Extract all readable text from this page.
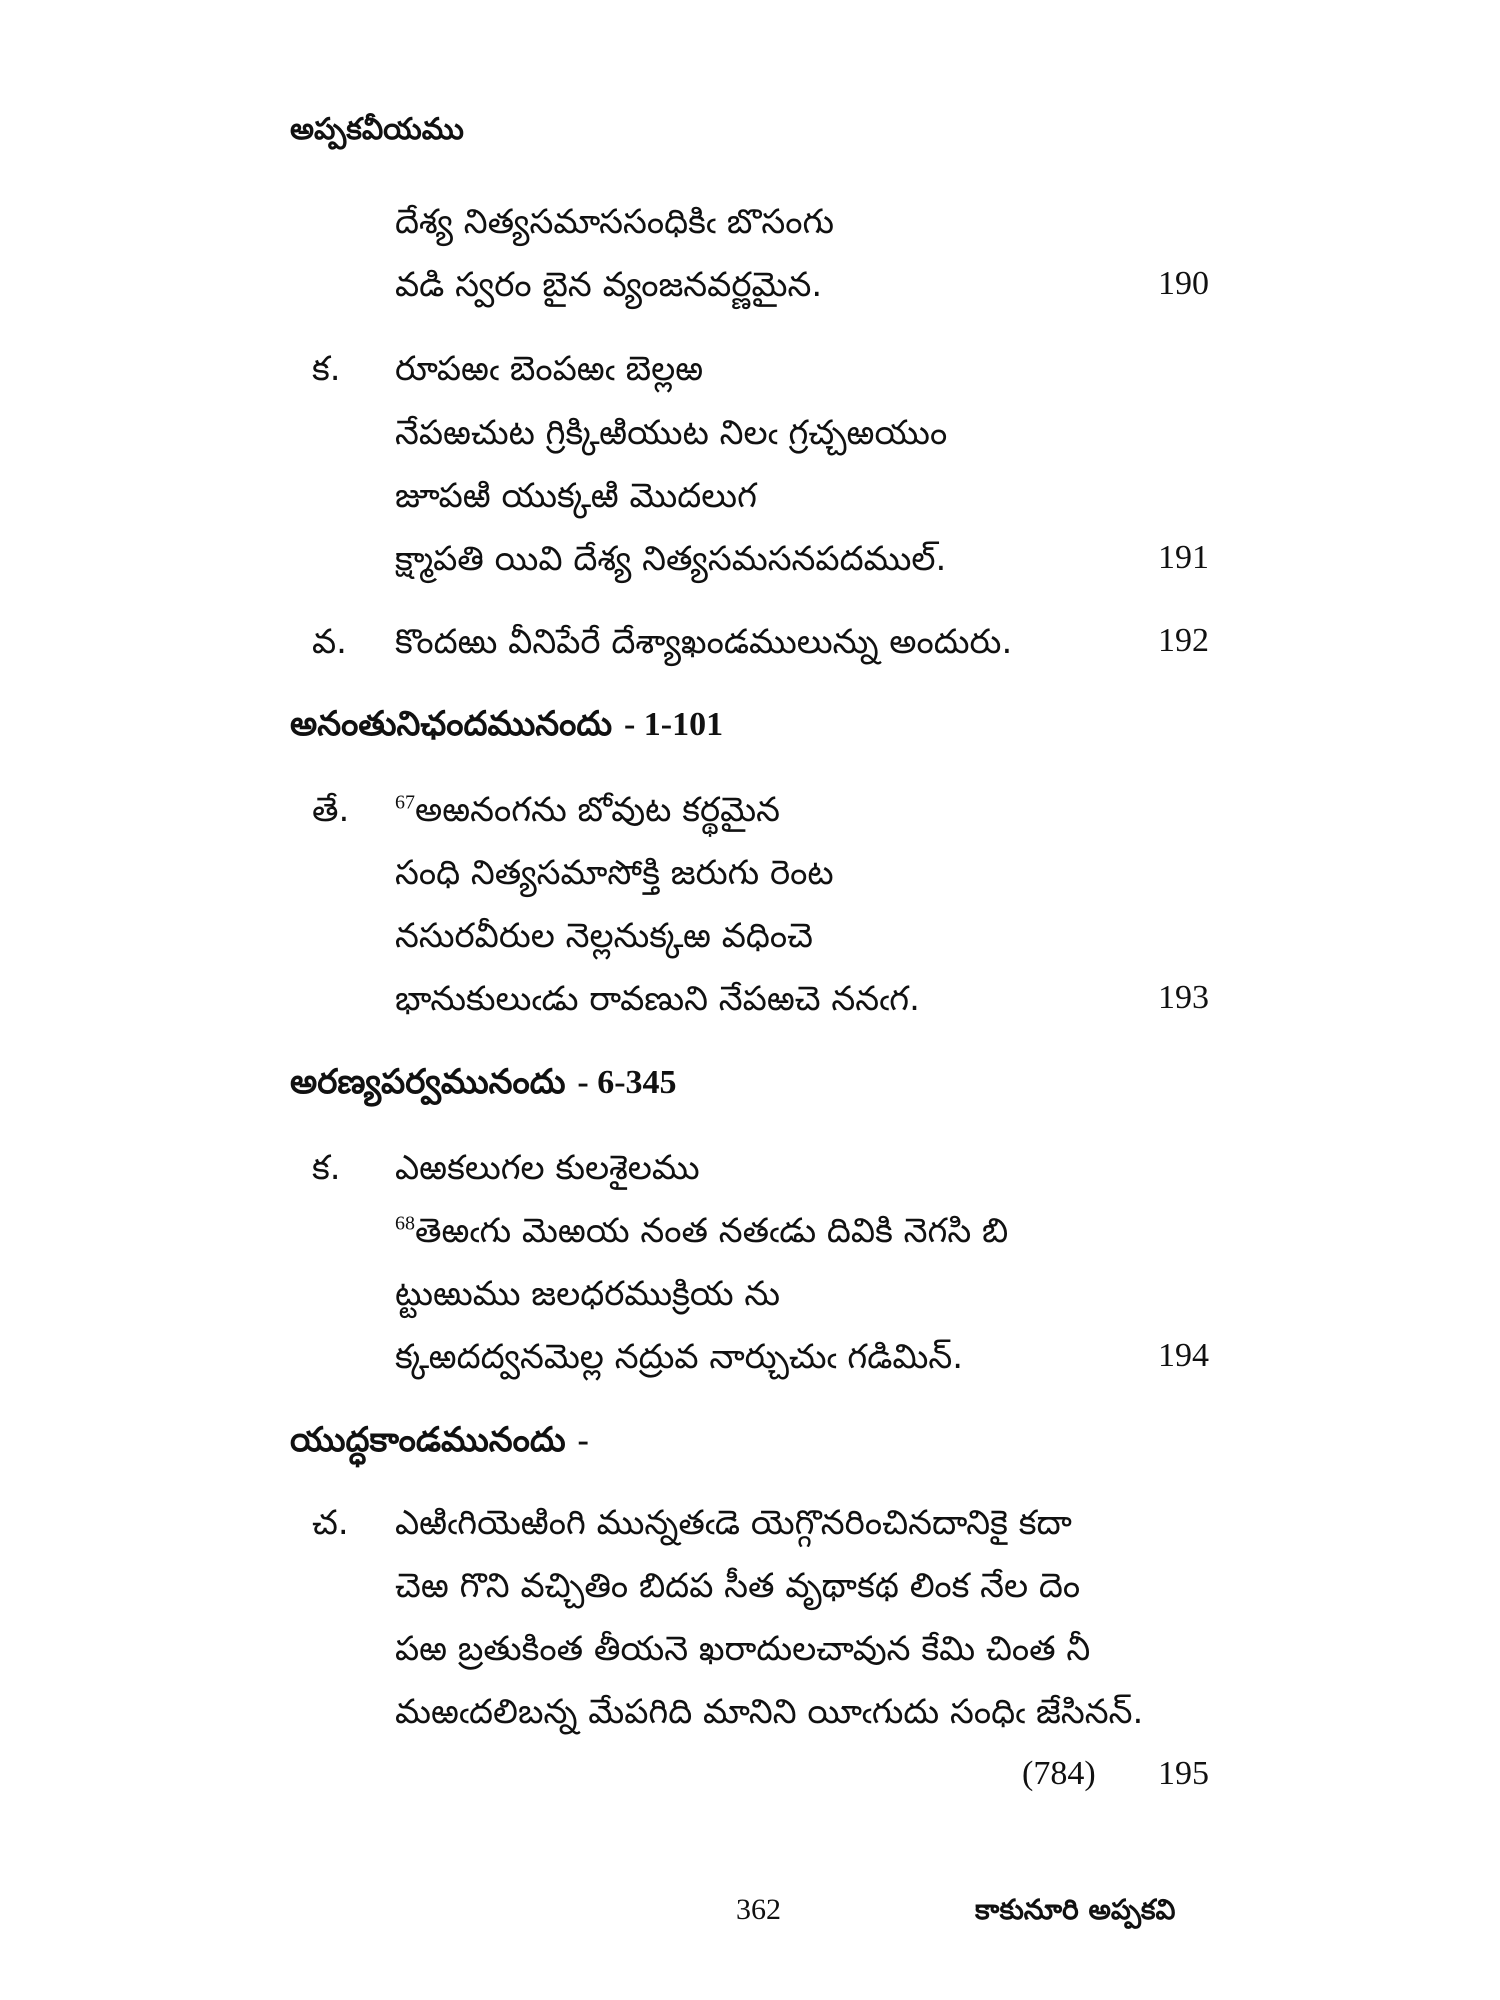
అప్పకవీయము
దేశ్య నిత్యసమాససంధికిఁ బొసంగు
వడి స్వరం బైన వ్యంజనవర్ణమైన.	190
క. రూపఱఁ బెంపఱఁ బెల్లఱ
నేపఱచుట గ్రిక్కిఱియుట నిలఁ గ్రచ్చఱయుం
జూపఱి యుక్కఱి మొదలుగ
క్ష్మాపతి యివి దేశ్య నిత్యసమసనపదముల్.	191
వ. కొందఱు వీనిపేరే దేశ్యాఖండములున్ను అందురు.	192
అనంతునిఛందమునందు - 1-101
తే. $^{67}$అఱనంగను బోవుట కర్థమైన
సంధి నిత్యసమాసోక్తి జరుగు రెంట
నసురవీరుల నెల్లనుక్కఱ వధించె
భానుకులుఁడు రావణుని నేపఱచె ననఁగ.	193
అరణ్యపర్వమునందు - 6-345
క. ఎఱకలుగల కులశైలము
$^{68}$తెఱఁగు మెఱయ నంత నతఁడు దివికి నెగసి బి
ట్టుఱుము జలధరముక్రియ ను
క్కఱదద్వనమెల్ల నద్రువ నార్చుచుఁ గడిమిన్.	194
యుద్ధకాండమునందు -
చ. ఎఱిఁగియెఱింగి మున్నతఁడె యెగ్గొనరించినదానికై కదా
చెఱ గొని వచ్చితిం బిదప సీత వృథాకథ లింక నేల దెం
పఱ బ్రతుకింత తీయనె ఖరాదులచావున కేమి చింత నీ
మఱఁదలిబన్న మేపగిది మానిని యీఁగుదు సంధిఁ జేసినన్.
(784) 195
362	కాకునూరి అప్పకవి
